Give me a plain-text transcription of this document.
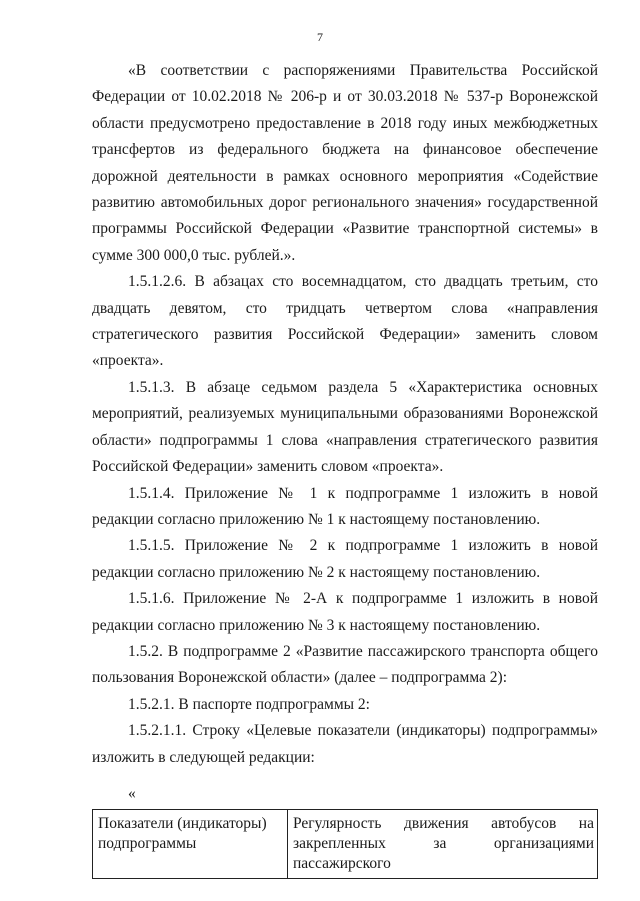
7

«В соответствии с распоряжениями Правительства Российской Федерации от 10.02.2018 № 206-р и от 30.03.2018 № 537-р Воронежской области предусмотрено предоставление в 2018 году иных межбюджетных трансфертов из федерального бюджета на финансовое обеспечение дорожной деятельности в рамках основного мероприятия «Содействие развитию автомобильных дорог регионального значения» государственной программы Российской Федерации «Развитие транспортной системы» в сумме 300 000,0 тыс. рублей.».

1.5.1.2.6. В абзацах сто восемнадцатом, сто двадцать третьим, сто двадцать девятом, сто тридцать четвертом слова «направления стратегического развития Российской Федерации» заменить словом «проекта».

1.5.1.3. В абзаце седьмом раздела 5 «Характеристика основных мероприятий, реализуемых муниципальными образованиями Воронежской области» подпрограммы 1 слова «направления стратегического развития Российской Федерации» заменить словом «проекта».

1.5.1.4. Приложение № 1 к подпрограмме 1 изложить в новой редакции согласно приложению № 1 к настоящему постановлению.

1.5.1.5. Приложение № 2 к подпрограмме 1 изложить в новой редакции согласно приложению № 2 к настоящему постановлению.

1.5.1.6. Приложение № 2-А к подпрограмме 1 изложить в новой редакции согласно приложению № 3 к настоящему постановлению.

1.5.2. В подпрограмме 2 «Развитие пассажирского транспорта общего пользования Воронежской области» (далее – подпрограмма 2):

1.5.2.1. В паспорте подпрограммы 2:

1.5.2.1.1. Строку «Целевые показатели (индикаторы) подпрограммы» изложить в следующей редакции:

«

Показатели (индикаторы) подпрограммы	Регулярность движения автобусов на закрепленных за организациями пассажирского
